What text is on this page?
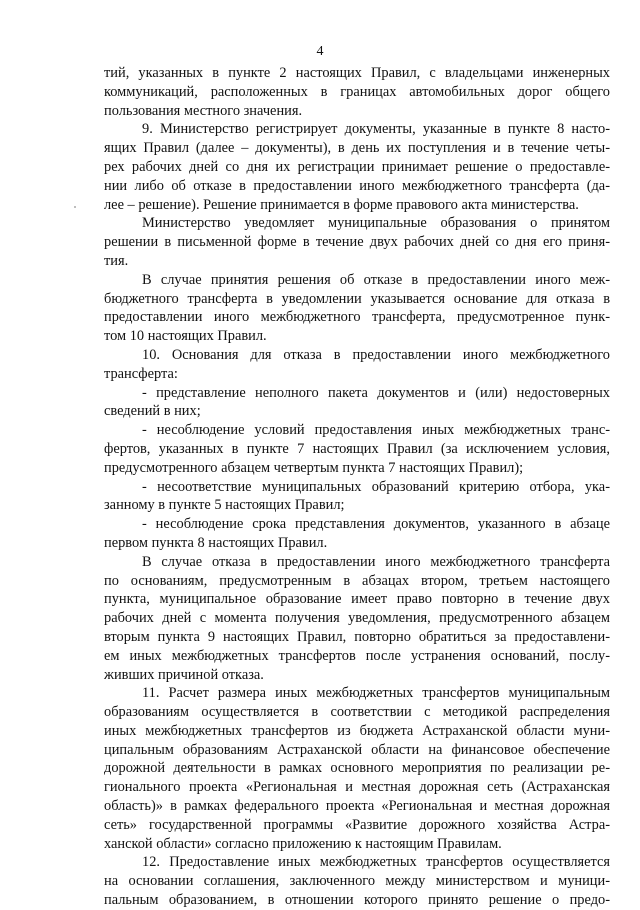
4
тий, указанных в пункте 2 настоящих Правил, с владельцами инженерных
коммуникаций, расположенных в границах автомобильных дорог общего
пользования местного значения.
9. Министерство регистрирует документы, указанные в пункте 8 насто-
ящих Правил (далее – документы), в день их поступления и в течение четы-
рех рабочих дней со дня их регистрации принимает решение о предоставле-
нии либо об отказе в предоставлении иного межбюджетного трансферта (да-
лее – решение). Решение принимается в форме правового акта министерства.
Министерство уведомляет муниципальные образования о принятом
решении в письменной форме в течение двух рабочих дней со дня его приня-
тия.
В случае принятия решения об отказе в предоставлении иного меж-
бюджетного трансферта в уведомлении указывается основание для отказа в
предоставлении иного межбюджетного трансферта, предусмотренное пунк-
том 10 настоящих Правил.
10. Основания для отказа в предоставлении иного межбюджетного
трансферта:
- представление неполного пакета документов и (или) недостоверных
сведений в них;
- несоблюдение условий предоставления иных межбюджетных транс-
фертов, указанных в пункте 7 настоящих Правил (за исключением условия,
предусмотренного абзацем четвертым пункта 7 настоящих Правил);
- несоответствие муниципальных образований критерию отбора, ука-
занному в пункте 5 настоящих Правил;
- несоблюдение срока представления документов, указанного в абзаце
первом пункта 8 настоящих Правил.
В случае отказа в предоставлении иного межбюджетного трансферта
по основаниям, предусмотренным в абзацах втором, третьем настоящего
пункта, муниципальное образование имеет право повторно в течение двух
рабочих дней с момента получения уведомления, предусмотренного абзацем
вторым пункта 9 настоящих Правил, повторно обратиться за предоставлени-
ем иных межбюджетных трансфертов после устранения оснований, послу-
живших причиной отказа.
11. Расчет размера иных межбюджетных трансфертов муниципальным
образованиям осуществляется в соответствии с методикой распределения
иных межбюджетных трансфертов из бюджета Астраханской области муни-
ципальным образованиям Астраханской области на финансовое обеспечение
дорожной деятельности в рамках основного мероприятия по реализации ре-
гионального проекта «Региональная и местная дорожная сеть (Астраханская
область)» в рамках федерального проекта «Региональная и местная дорожная
сеть» государственной программы «Развитие дорожного хозяйства Астра-
ханской области» согласно приложению к настоящим Правилам.
12. Предоставление иных межбюджетных трансфертов осуществляется
на основании соглашения, заключенного между министерством и муници-
пальным образованием, в отношении которого принято решение о предо-
